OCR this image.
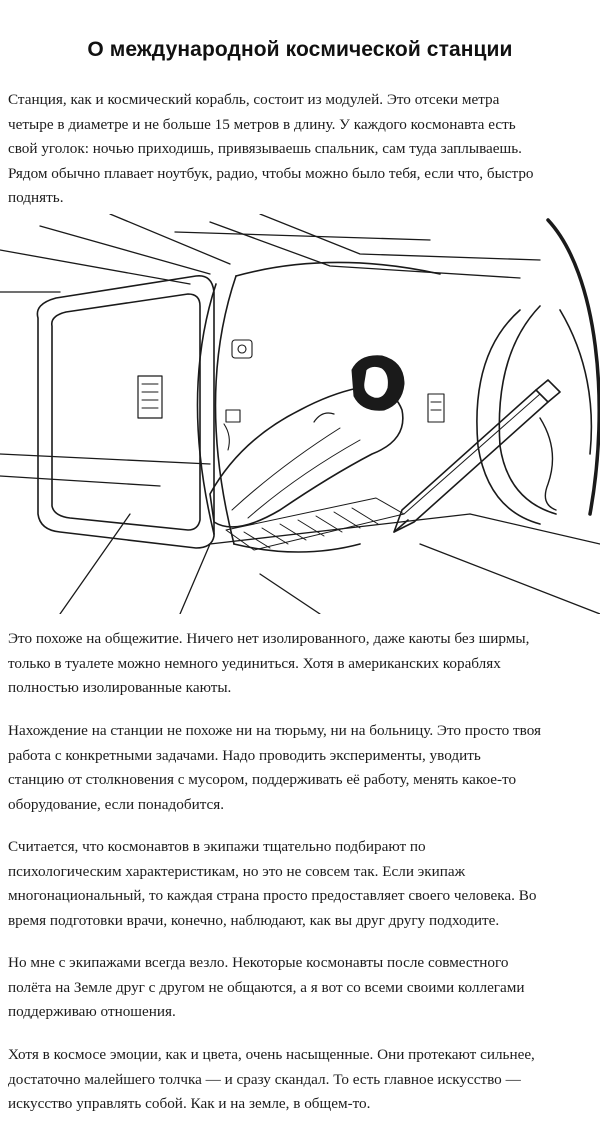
О международной космической станции
Станция, как и космический корабль, состоит из модулей. Это отсеки метра
четыре в диаметре и не больше 15 метров в длину. У каждого космонавта есть
свой уголок: ночью приходишь, привязываешь спальник, сам туда заплываешь.
Рядом обычно плавает ноутбук, радио, чтобы можно было тебя, если что, быстро
поднять.
Это похоже на общежитие. Ничего нет изолированного, даже каюты без ширмы,
только в туалете можно немного уединиться. Хотя в американских кораблях
полностью изолированные каюты.
Нахождение на станции не похоже ни на тюрьму, ни на больницу. Это просто твоя
работа с конкретными задачами. Надо проводить эксперименты, уводить
станцию от столкновения с мусором, поддерживать её работу, менять какое-то
оборудование, если понадобится.
Считается, что космонавтов в экипажи тщательно подбирают по
психологическим характеристикам, но это не совсем так. Если экипаж
многонациональный, то каждая страна просто предоставляет своего человека. Во
время подготовки врачи, конечно, наблюдают, как вы друг другу подходите.
Но мне с экипажами всегда везло. Некоторые космонавты после совместного
полёта на Земле друг с другом не общаются, а я вот со всеми своими коллегами
поддерживаю отношения.
Хотя в космосе эмоции, как и цвета, очень насыщенные. Они протекают сильнее,
достаточно малейшего толчка — и сразу скандал. То есть главное искусство —
искусство управлять собой. Как и на земле, в общем-то.
